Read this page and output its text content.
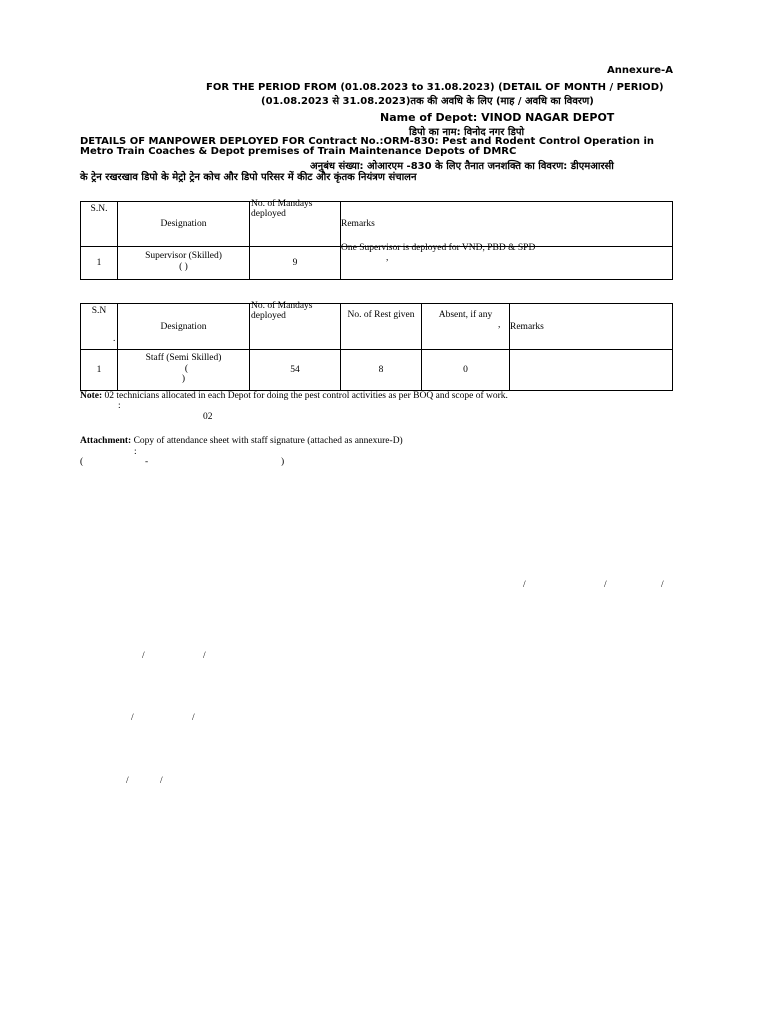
Annexure-A
FOR THE PERIOD FROM (01.08.2023 to 31.08.2023) (DETAIL OF MONTH / PERIOD)
(01.08.2023 से 31.08.2023)तक की अवधि के लिए (माह / अवधि का विवरण)
Name of Depot: VINOD NAGAR DEPOT
डिपो का नाम: विनोद नगर डिपो
DETAILS OF MANPOWER DEPLOYED FOR Contract No.:ORM-830: Pest and Rodent Control Operation in
Metro Train Coaches & Depot premises of Train Maintenance Depots of DMRC
अनुबंध संख्या: ओआरएम -830 के लिए तैनात जनशक्ति का विवरण: डीएमआरसी
के ट्रेन रखरखाव डिपो के मेट्रो ट्रेन कोच और डिपो परिसर में कीट और कृंतक नियंत्रण संचालन
S.N.	Designation	No. of Mandays
deployed	Remarks
1	Supervisor (Skilled)
( )	9	One Supervisor is deployed for VND, PBD & SPD
,
S.N
.	Designation	No. of Mandays
deployed	No. of Rest given	Absent, if any
,	Remarks
1	Staff (Semi Skilled)
(
)	54	8	0	
Note: 02 technicians allocated in each Depot for doing the pest control activities as per BOQ and scope of work.
:
02
Attachment: Copy of attendance sheet with staff signature (attached as annexure-D)
:
(	-	)
/	/	/
/	/
/	/
/	/
